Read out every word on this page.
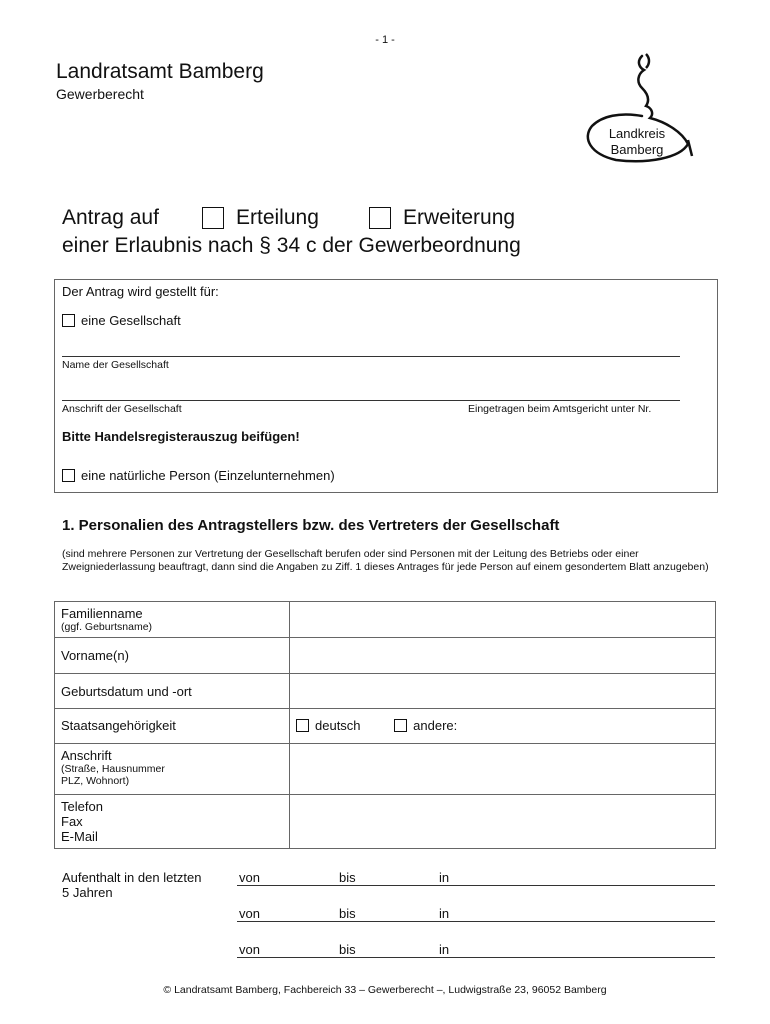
- 1 -
Landratsamt Bamberg
Gewerberecht
Landkreis
Bamberg
Antrag auf	Erteilung	Erweiterung
einer Erlaubnis nach § 34 c der Gewerbeordnung
Der Antrag wird gestellt für:
eine Gesellschaft
Name der Gesellschaft
Anschrift der Gesellschaft	Eingetragen beim Amtsgericht unter Nr.
Bitte Handelsregisterauszug beifügen!
eine natürliche Person (Einzelunternehmen)
1. Personalien des Antragstellers bzw. des Vertreters der Gesellschaft
(sind mehrere Personen zur Vertretung der Gesellschaft berufen oder sind Personen mit der Leitung des Betriebs oder einer Zweigniederlassung beauftragt, dann sind die Angaben zu Ziff. 1 dieses Antrages für jede Person auf einem gesondertem Blatt anzugeben)
Familienname
(ggf. Geburtsname)	

Vorname(n)	
Geburtsdatum und -ort	
Staatsangehörigkeit	deutsch andere:
Anschrift
(Straße, Hausnummer
PLZ, Wohnort)	

Telefon
Fax
E-Mail	

Aufenthalt in den letzten
5 Jahren
von	bis	in
von	bis	in
von	bis	in
© Landratsamt Bamberg, Fachbereich 33 – Gewerberecht –, Ludwigstraße 23, 96052 Bamberg
